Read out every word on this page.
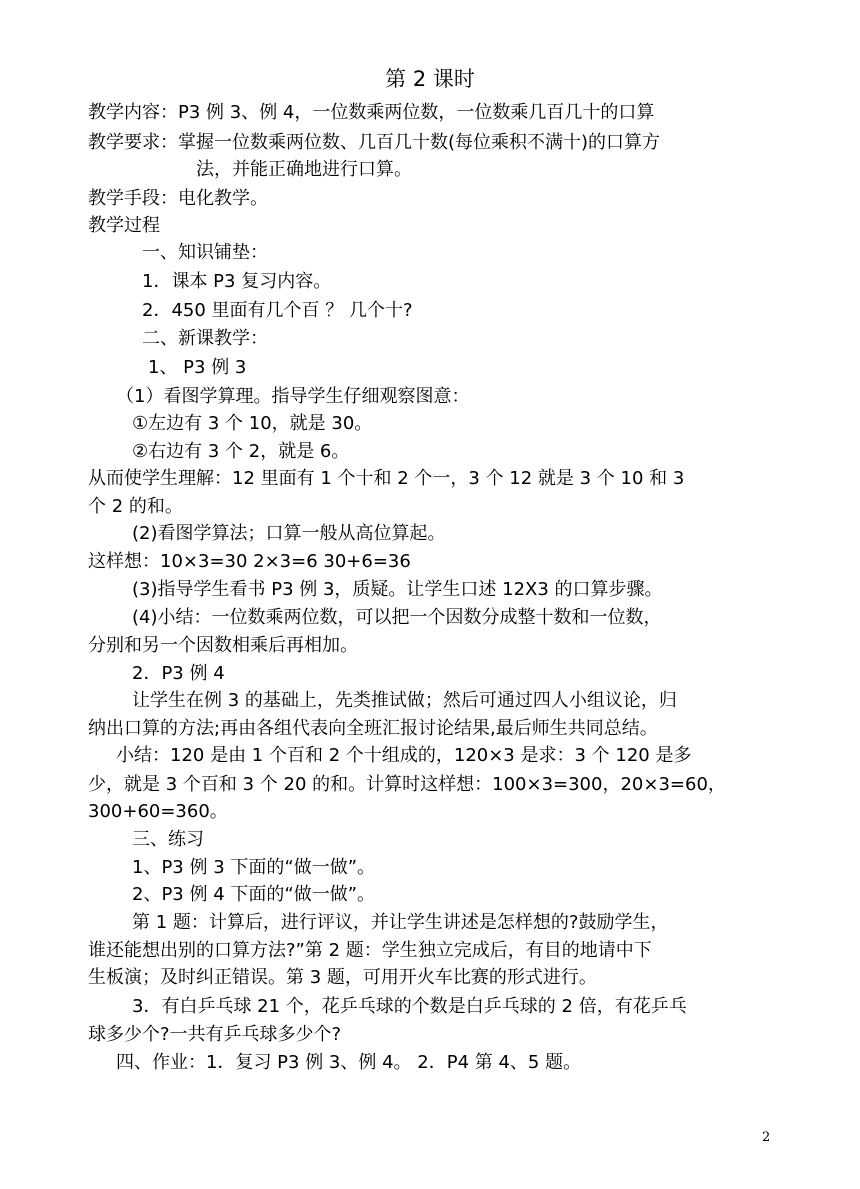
第 2 课时
教学内容：P3 例 3、例 4，一位数乘两位数，一位数乘几百几十的口算
教学要求：掌握一位数乘两位数、几百几十数(每位乘积不满十)的口算方
法，并能正确地进行口算。
教学手段：电化教学。
教学过程
一、知识铺垫：
1．课本 P3 复习内容。
2．450 里面有几个百 ？ 几个十?
二、新课教学：
1、 P3 例 3
（1）看图学算理。指导学生仔细观察图意：
①左边有 3 个 10，就是 30。
②右边有 3 个 2，就是 6。
从而使学生理解：12 里面有 1 个十和 2 个一，3 个 12 就是 3 个 10 和 3
个 2 的和。
(2)看图学算法；口算一般从高位算起。
这样想：10×3=30 2×3=6 30+6=36
(3)指导学生看书 P3 例 3，质疑。让学生口述 12X3 的口算步骤。
(4)小结：一位数乘两位数，可以把一个因数分成整十数和一位数，
分别和另一个因数相乘后再相加。
2．P3 例 4
让学生在例 3 的基础上，先类推试做；然后可通过四人小组议论，归
纳出口算的方法;再由各组代表向全班汇报讨论结果,最后师生共同总结。
小结：120 是由 1 个百和 2 个十组成的，120×3 是求：3 个 120 是多
少，就是 3 个百和 3 个 20 的和。计算时这样想：100×3=300，20×3=60，
300+60=360。
三、练习
1、P3 例 3 下面的“做一做”。
2、P3 例 4 下面的“做一做”。
第 1 题：计算后，进行评议，并让学生讲述是怎样想的?鼓励学生，
谁还能想出别的口算方法?”第 2 题：学生独立完成后，有目的地请中下
生板演；及时纠正错误。第 3 题，可用开火车比赛的形式进行。
3．有白乒乓球 21 个，花乒乓球的个数是白乒乓球的 2 倍，有花乒乓
球多少个?一共有乒乓球多少个?
四、作业：1．复习 P3 例 3、例 4。 2．P4 第 4、5 题。
2
